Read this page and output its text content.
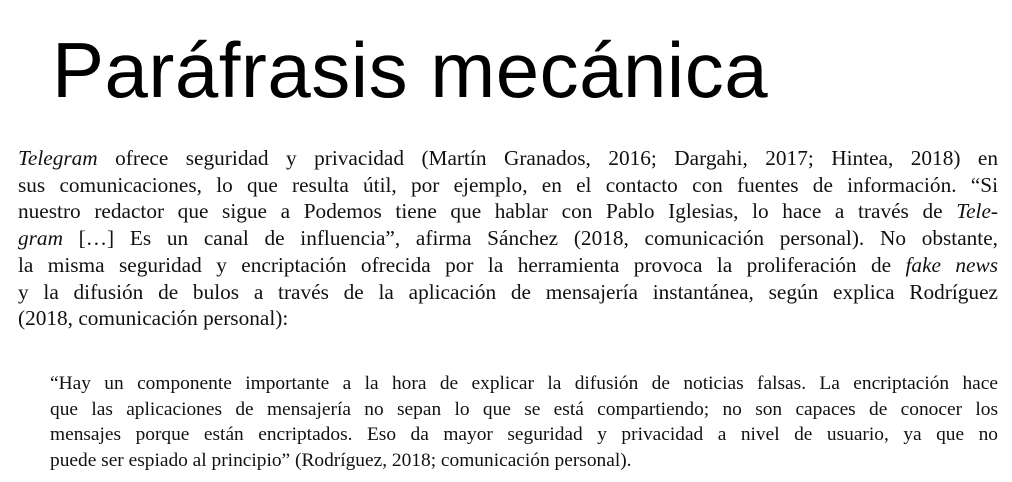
Paráfrasis mecánica
Telegram ofrece seguridad y privacidad (Martín Granados, 2016; Dargahi, 2017; Hintea, 2018) en
sus comunicaciones, lo que resulta útil, por ejemplo, en el contacto con fuentes de información. “Si
nuestro redactor que sigue a Podemos tiene que hablar con Pablo Iglesias, lo hace a través de Tele-
gram […] Es un canal de influencia”, afirma Sánchez (2018, comunicación personal). No obstante,
la misma seguridad y encriptación ofrecida por la herramienta provoca la proliferación de fake news
y la difusión de bulos a través de la aplicación de mensajería instantánea, según explica Rodríguez
(2018, comunicación personal):
“Hay un componente importante a la hora de explicar la difusión de noticias falsas. La encriptación hace
que las aplicaciones de mensajería no sepan lo que se está compartiendo; no son capaces de conocer los
mensajes porque están encriptados. Eso da mayor seguridad y privacidad a nivel de usuario, ya que no
puede ser espiado al principio” (Rodríguez, 2018; comunicación personal).
